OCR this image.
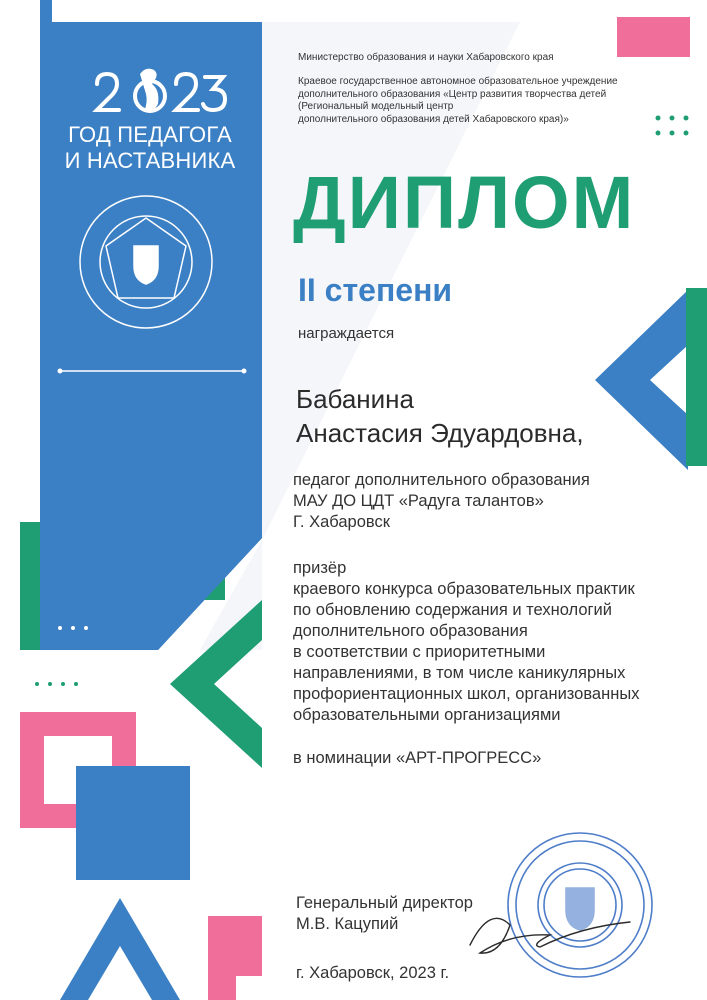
ГОД ПЕДАГОГА
И НАСТАВНИКА
Министерство образования и науки Хабаровского края
Краевое государственное автономное образовательное учреждение
дополнительного образования «Центр развития творчества детей
(Региональный модельный центр
дополнительного образования детей Хабаровского края)»
ДИПЛОМ
II степени
награждается
Бабанина
Анастасия Эдуардовна,
педагог дополнительного образования
МАУ ДО ЦДТ «Радуга талантов»
Г. Хабаровск
призёр
краевого конкурса образовательных практик
по обновлению содержания и технологий
дополнительного образования
в соответствии с приоритетными
направлениями, в том числе каникулярных
профориентационных школ, организованных
образовательными организациями
в номинации «АРТ-ПРОГРЕСС»
Генеральный директор
М.В. Кацупий
г. Хабаровск, 2023 г.
